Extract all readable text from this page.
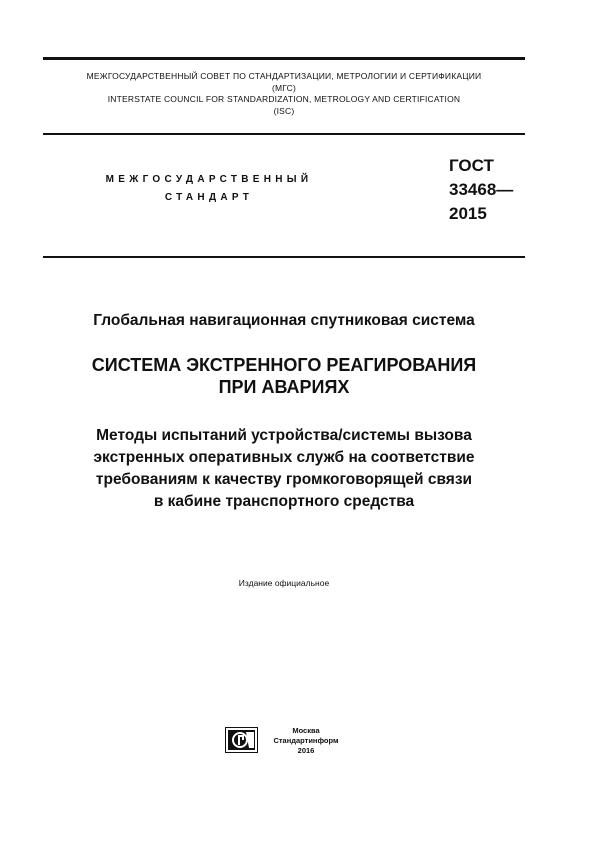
МЕЖГОСУДАРСТВЕННЫЙ СОВЕТ ПО СТАНДАРТИЗАЦИИ, МЕТРОЛОГИИ И СЕРТИФИКАЦИИ
(МГС)
INTERSTATE COUNCIL FOR STANDARDIZATION, METROLOGY AND CERTIFICATION
(ISC)
МЕЖГОСУДАРСТВЕННЫЙ
СТАНДАРТ
ГОСТ
33468—
2015
Глобальная навигационная спутниковая система
СИСТЕМА ЭКСТРЕННОГО РЕАГИРОВАНИЯ
ПРИ АВАРИЯХ
Методы испытаний устройства/системы вызова
экстренных оперативных служб на соответствие
требованиям к качеству громкоговорящей связи
в кабине транспортного средства
Издание официальное
Москва
Стандартинформ
2016
